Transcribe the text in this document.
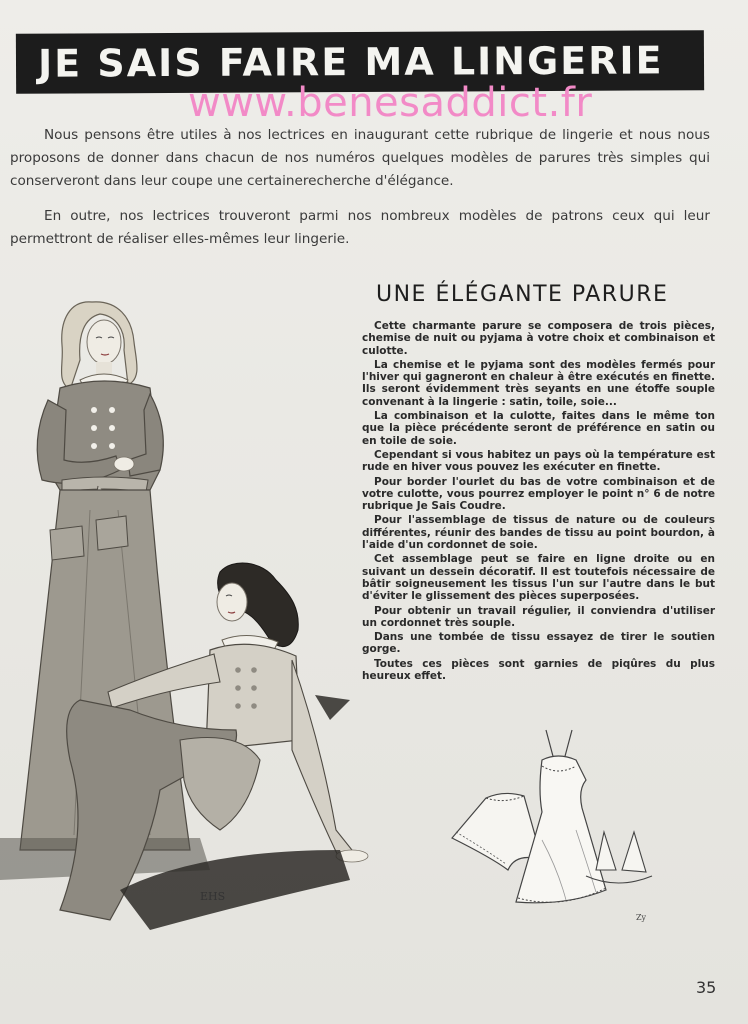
JE SAIS FAIRE MA LINGERIE
www.benesaddict.fr

Nous pensons être utiles à nos lectrices en inaugurant cette rubrique de lingerie et nous nous proposons de donner dans chacun de nos numéros quelques modèles de parures très simples qui conserveront dans leur coupe une certainerecherche d'élégance.

En outre, nos lectrices trouveront parmi nos nombreux modèles de patrons ceux qui leur permettront de réaliser elles-mêmes leur lingerie.

UNE ÉLÉGANTE PARURE

Cette charmante parure se composera de trois pièces, chemise de nuit ou pyjama à votre choix et combinaison et culotte.

La chemise et le pyjama sont des modèles fermés pour l'hiver qui gagneront en chaleur à être exécutés en finette. Ils seront évidemment très seyants en une étoffe souple convenant à la lingerie : satin, toile, soie...

La combinaison et la culotte, faites dans le même ton que la pièce précédente seront de préférence en satin ou en toile de soie.

Cependant si vous habitez un pays où la température est rude en hiver vous pouvez les exécuter en finette.

Pour border l'ourlet du bas de votre combinaison et de votre culotte, vous pourrez employer le point n° 6 de notre rubrique Je Sais Coudre.

Pour l'assemblage de tissus de nature ou de couleurs différentes, réunir des bandes de tissu au point bourdon, à l'aide d'un cordonnet de soie.

Cet assemblage peut se faire en ligne droite ou en suivant un dessein décoratif. Il est toutefois nécessaire de bâtir soigneusement les tissus l'un sur l'autre dans le but d'éviter le glissement des pièces superposées.

Pour obtenir un travail régulier, il conviendra d'utiliser un cordonnet très souple.

Dans une tombée de tissu essayez de tirer le soutien gorge.

Toutes ces pièces sont garnies de piqûres du plus heureux effet.

EHS
Zy
35
